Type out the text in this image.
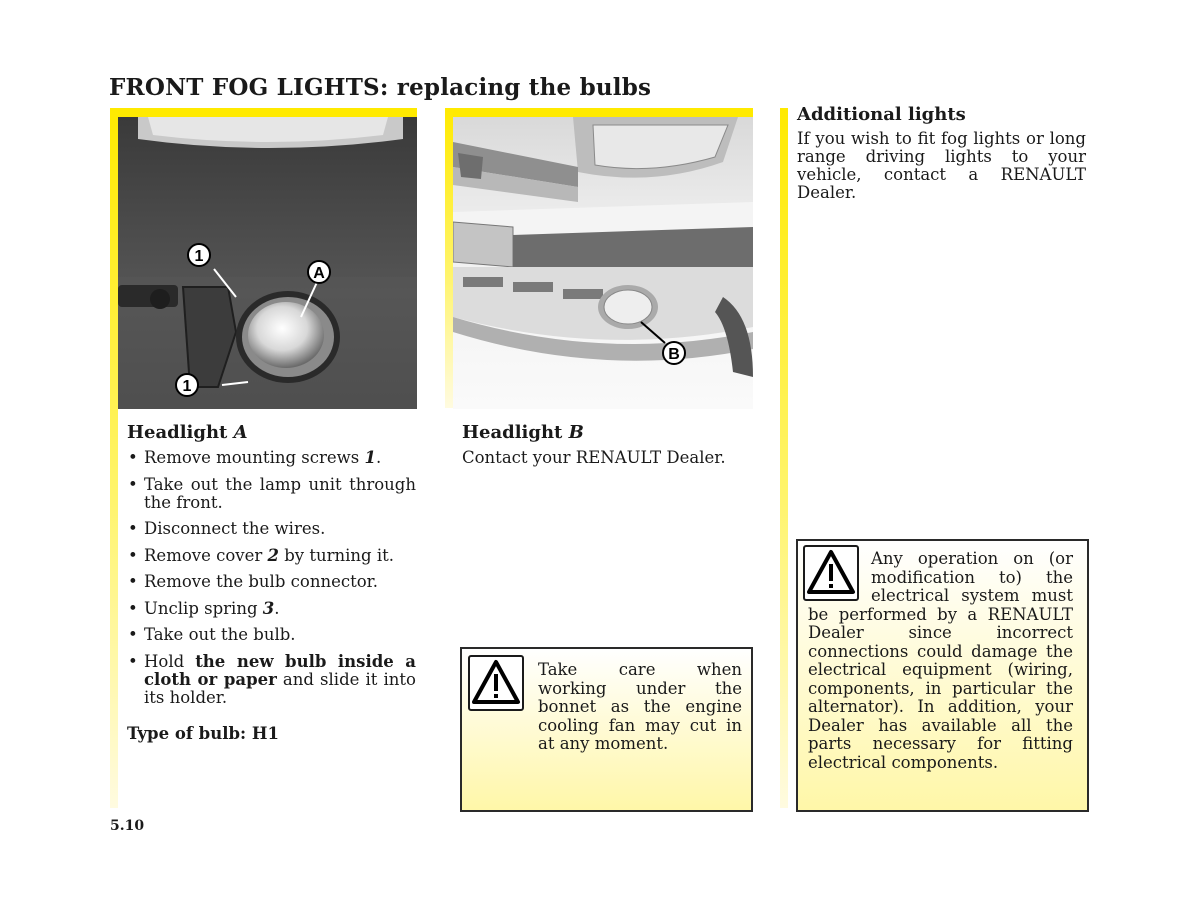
FRONT FOG LIGHTS: replacing the bulbs
1
A
1
Headlight A
• Remove mounting screws 1.
• Take out the lamp unit through the front.
• Disconnect the wires.
• Remove cover 2 by turning it.
• Remove the bulb connector.
• Unclip spring 3.
• Take out the bulb.
• Hold the new bulb inside a cloth or paper and slide it into its holder.
Type of bulb: H1
B
Headlight B
Contact your RENAULT Dealer.
Take care when working under the bonnet as the engine cooling fan may cut in at any moment.
Additional lights
If you wish to fit fog lights or long range driving lights to your vehicle, contact a RENAULT Dealer.
Any operation on (or modification to) the electrical system must be performed by a RENAULT Dealer since incorrect connections could damage the electrical equipment (wiring, components, in particular the alternator). In addition, your Dealer has available all the parts necessary for fitting electrical components.
5.10
